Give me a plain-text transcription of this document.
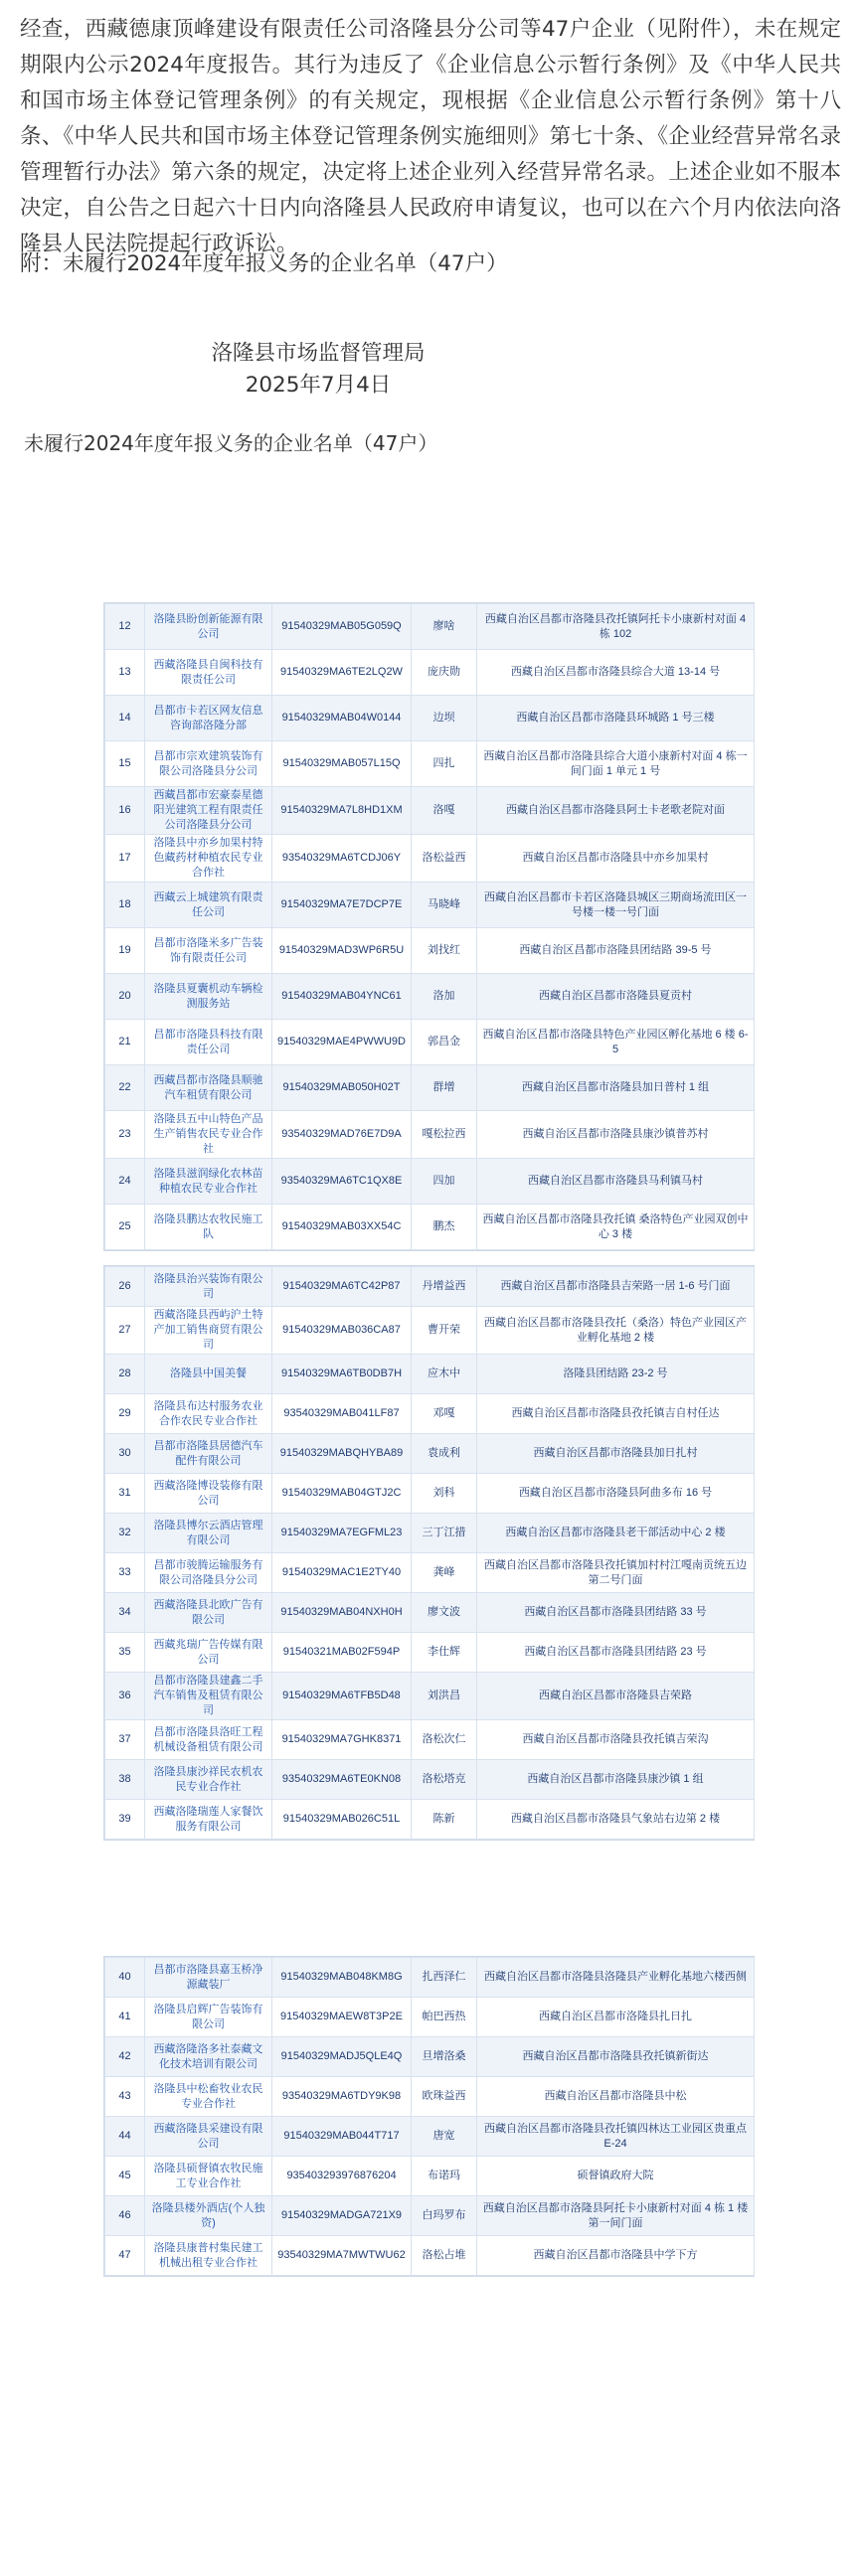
经查，西藏德康顶峰建设有限责任公司洛隆县分公司等47户企业（见附件），未在规定期限内公示2024年度报告。其行为违反了《企业信息公示暂行条例》及《中华人民共和国市场主体登记管理条例》的有关规定，现根据《企业信息公示暂行条例》第十八条、《中华人民共和国市场主体登记管理条例实施细则》第七十条、《企业经营异常名录管理暂行办法》第六条的规定，决定将上述企业列入经营异常名录。上述企业如不服本决定，自公告之日起六十日内向洛隆县人民政府申请复议，也可以在六个月内依法向洛隆县人民法院提起行政诉讼。

附：未履行2024年度年报义务的企业名单（47户）

洛隆县市场监督管理局
2025年7月4日
未履行2024年度年报义务的企业名单（47户）
12	洛隆县盼创新能源有限公司	91540329MAB05G059Q	廖啥	西藏自治区昌都市洛隆县孜托镇阿托卡小康新村对面 4 栋 102
13	西藏洛隆县自闽科技有限责任公司	91540329MA6TE2LQ2W	庞庆勋	西藏自治区昌都市洛隆县综合大道 13-14 号
14	昌都市卡若区网友信息咨询部洛隆分部	91540329MAB04W0144	边坝	西藏自治区昌都市洛隆县环城路 1 号三楼
15	昌都市宗欢建筑装饰有限公司洛隆县分公司	91540329MAB057L15Q	四扎	西藏自治区昌都市洛隆县综合大道小康新村对面 4 栋一间门面 1 单元 1 号
16	西藏昌都市宏豪泰星德阳光建筑工程有限责任公司洛隆县分公司	91540329MA7L8HD1XM	洛嘎	西藏自治区昌都市洛隆县阿土卡老歌老院对面
17	洛隆县中亦乡加果村特色藏药材种植农民专业合作社	93540329MA6TCDJ06Y	洛松益西	西藏自治区昌都市洛隆县中亦乡加果村
18	西藏云上城建筑有限责任公司	91540329MA7E7DCP7E	马晓峰	西藏自治区昌都市卡若区洛隆县城区三期商场流田区一号楼一楼一号门面
19	昌都市洛隆米多广告装饰有限责任公司	91540329MAD3WP6R5U	刘找红	西藏自治区昌都市洛隆县团结路 39-5 号
20	洛隆县夏囊机动车辆检测服务站	91540329MAB04YNC61	洛加	西藏自治区昌都市洛隆县夏贡村
21	昌都市洛隆县科技有限责任公司	91540329MAE4PWWU9D	郭昌金	西藏自治区昌都市洛隆县特色产业园区孵化基地 6 楼 6-5
22	西藏昌都市洛隆县顺驰汽车租赁有限公司	91540329MAB050H02T	群增	西藏自治区昌都市洛隆县加日普村 1 组
23	洛隆县五中山特色产品生产销售农民专业合作社	93540329MAD76E7D9A	嘎松拉西	西藏自治区昌都市洛隆县康沙镇普苏村
24	洛隆县滋润绿化农林苗种植农民专业合作社	93540329MA6TC1QX8E	四加	西藏自治区昌都市洛隆县马利镇马村
25	洛隆县鹏达农牧民施工队	91540329MAB03XX54C	鹏杰	西藏自治区昌都市洛隆县孜托镇 桑洛特色产业园双创中心 3 楼
26	洛隆县治兴装饰有限公司	91540329MA6TC42P87	丹增益西	西藏自治区昌都市洛隆县吉荣路一居 1-6 号门面
27	西藏洛隆县西屿沪土特产加工销售商贸有限公司	91540329MAB036CA87	曹开荣	西藏自治区昌都市洛隆县孜托（桑洛）特色产业园区产业孵化基地 2 楼
28	洛隆县中国美餐	91540329MA6TB0DB7H	应木中	洛隆县团结路 23-2 号
29	洛隆县布达村服务农业合作农民专业合作社	93540329MAB041LF87	邓嘎	西藏自治区昌都市洛隆县孜托镇吉自村任达
30	昌都市洛隆县居德汽车配件有限公司	91540329MABQHYBA89	袁成利	西藏自治区昌都市洛隆县加日扎村
31	西藏洛隆博设装修有限公司	91540329MAB04GTJ2C	刘科	西藏自治区昌都市洛隆县阿曲多布 16 号
32	洛隆县博尔云酒店管理有限公司	91540329MA7EGFML23	三丁江措	西藏自治区昌都市洛隆县老干部活动中心 2 楼
33	昌都市骏腾运输服务有限公司洛隆县分公司	91540329MAC1E2TY40	龚峰	西藏自治区昌都市洛隆县孜托镇加村村江嘎南贡统五边第二号门面
34	西藏洛隆县北欧广告有限公司	91540329MAB04NXH0H	廖文波	西藏自治区昌都市洛隆县团结路 33 号
35	西藏兆瑞广告传媒有限公司	91540321MAB02F594P	李仕辉	西藏自治区昌都市洛隆县团结路 23 号
36	昌都市洛隆县建鑫二手汽车销售及租赁有限公司	91540329MA6TFB5D48	刘洪昌	西藏自治区昌都市洛隆县吉荣路
37	昌都市洛隆县洛旺工程机械设备租赁有限公司	91540329MA7GHK8371	洛松次仁	西藏自治区昌都市洛隆县孜托镇吉荣沟
38	洛隆县康沙祥民农机农民专业合作社	93540329MA6TE0KN08	洛松塔克	西藏自治区昌都市洛隆县康沙镇 1 组
39	西藏洛隆瑞莲人家餐饮服务有限公司	91540329MAB026C51L	陈新	西藏自治区昌都市洛隆县气象站右边第 2 楼
40	昌都市洛隆县嘉玉桥净源藏装厂	91540329MAB048KM8G	扎西泽仁	西藏自治区昌都市洛隆县洛隆县产业孵化基地六楼西侧
41	洛隆县启辉广告装饰有限公司	91540329MAEW8T3P2E	帕巴西热	西藏自治区昌都市洛隆县扎日扎
42	西藏洛隆洛多社泰藏文化技术培训有限公司	91540329MADJ5QLE4Q	旦增洛桑	西藏自治区昌都市洛隆县孜托镇新街达
43	洛隆县中松畜牧业农民专业合作社	93540329MA6TDY9K98	欧珠益西	西藏自治区昌都市洛隆县中松
44	西藏洛隆县采建设有限公司	91540329MAB044T717	唐宽	西藏自治区昌都市洛隆县孜托镇四林达工业园区贵重点 E-24
45	洛隆县硕督镇农牧民施工专业合作社	93540329397687620​4	布诺玛	硕督镇政府大院
46	洛隆县楼外酒店(个人独资)	91540329MADGA721X9	白玛罗布	西藏自治区昌都市洛隆县阿托卡小康新村对面 4 栋 1 楼第一间门面
47	洛隆县康普村集民建工机械出租专业合作社	93540329MA7MWTWU62	洛松占堆	西藏自治区昌都市洛隆县中学下方
